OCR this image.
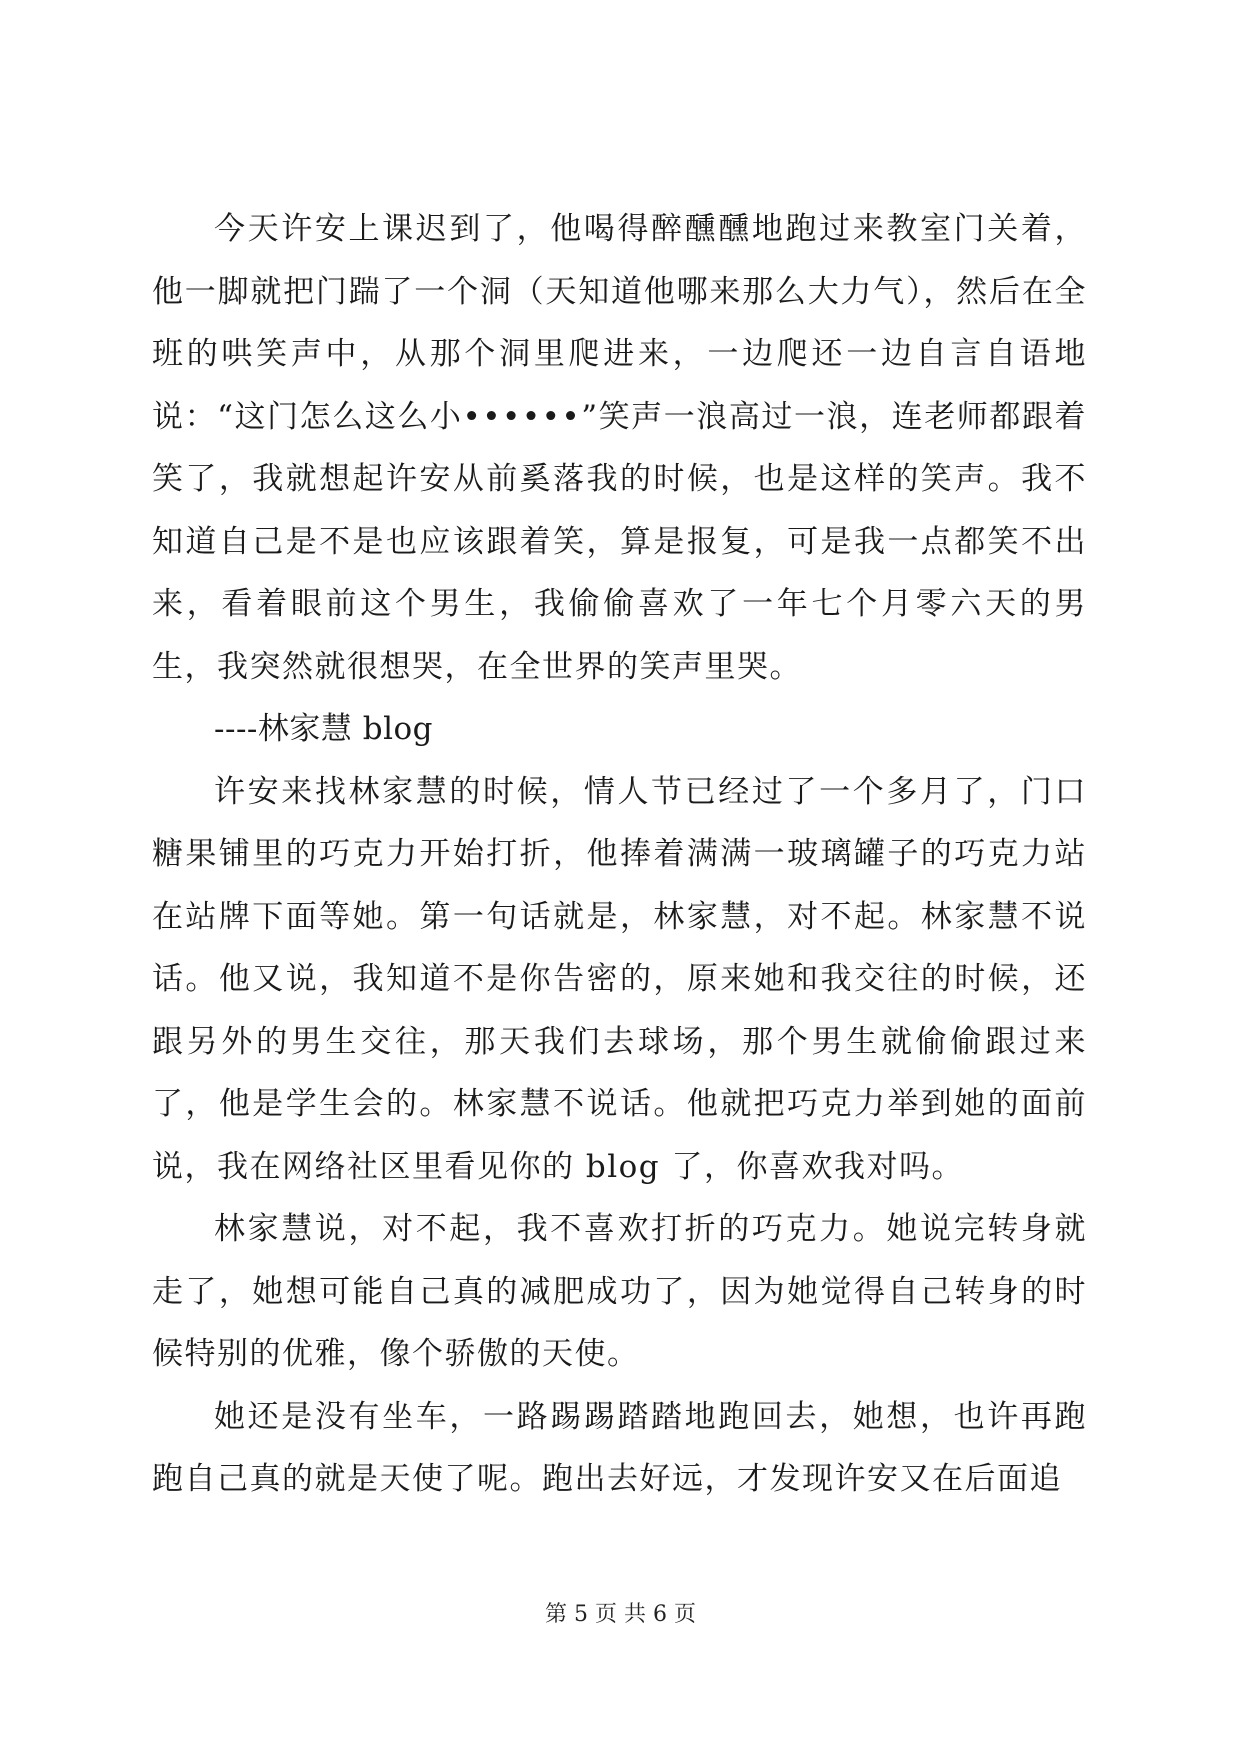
今天许安上课迟到了，他喝得醉醺醺地跑过来教室门关着，他一脚就把门踹了一个洞（天知道他哪来那么大力气），然后在全班的哄笑声中，从那个洞里爬进来，一边爬还一边自言自语地说：“这门怎么这么小••••••”笑声一浪高过一浪，连老师都跟着笑了，我就想起许安从前奚落我的时候，也是这样的笑声。我不知道自己是不是也应该跟着笑，算是报复，可是我一点都笑不出来，看着眼前这个男生，我偷偷喜欢了一年七个月零六天的男生，我突然就很想哭，在全世界的笑声里哭。

----林家慧 blog

许安来找林家慧的时候，情人节已经过了一个多月了，门口糖果铺里的巧克力开始打折，他捧着满满一玻璃罐子的巧克力站在站牌下面等她。第一句话就是，林家慧，对不起。林家慧不说话。他又说，我知道不是你告密的，原来她和我交往的时候，还跟另外的男生交往，那天我们去球场，那个男生就偷偷跟过来了，他是学生会的。林家慧不说话。他就把巧克力举到她的面前说，我在网络社区里看见你的 blog 了，你喜欢我对吗。

林家慧说，对不起，我不喜欢打折的巧克力。她说完转身就走了，她想可能自己真的减肥成功了，因为她觉得自己转身的时候特别的优雅，像个骄傲的天使。

她还是没有坐车，一路踢踢踏踏地跑回去，她想，也许再跑跑自己真的就是天使了呢。跑出去好远，才发现许安又在后面追

第 5 页 共 6 页
